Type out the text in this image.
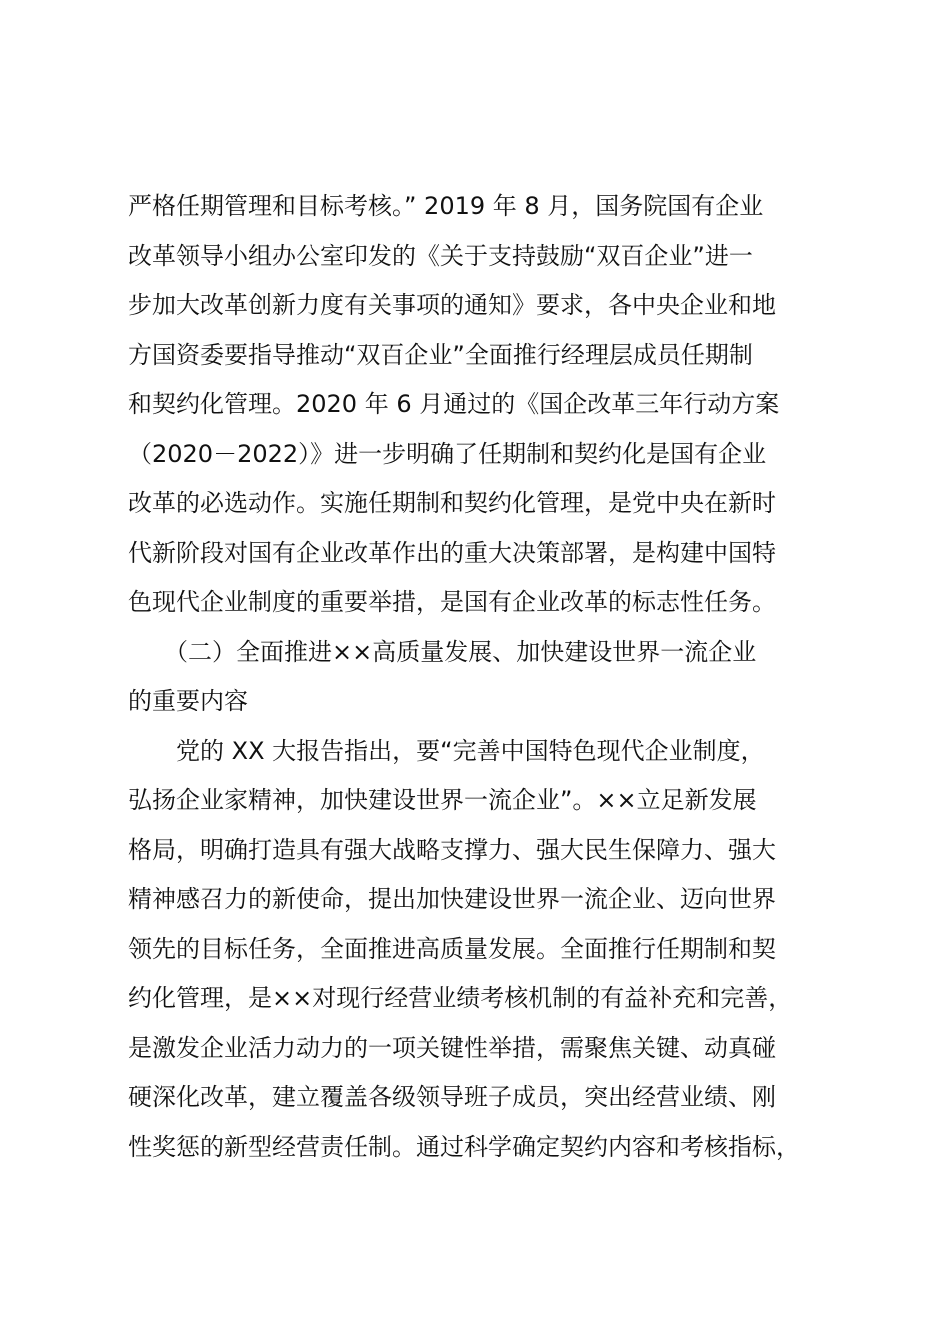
严格任期管理和目标考核。” 2019 年 8 月，国务院国有企业
改革领导小组办公室印发的《关于支持鼓励“双百企业”进一
步加大改革创新力度有关事项的通知》要求，各中央企业和地
方国资委要指导推动“双百企业”全面推行经理层成员任期制
和契约化管理。2020 年 6 月通过的《国企改革三年行动方案
（2020－2022）》进一步明确了任期制和契约化是国有企业
改革的必选动作。实施任期制和契约化管理，是党中央在新时
代新阶段对国有企业改革作出的重大决策部署，是构建中国特
色现代企业制度的重要举措，是国有企业改革的标志性任务。
　　（二）全面推进××高质量发展、加快建设世界一流企业
的重要内容
　　党的 XX 大报告指出，要“完善中国特色现代企业制度，
弘扬企业家精神，加快建设世界一流企业”。××立足新发展
格局，明确打造具有强大战略支撑力、强大民生保障力、强大
精神感召力的新使命，提出加快建设世界一流企业、迈向世界
领先的目标任务，全面推进高质量发展。全面推行任期制和契
约化管理，是××对现行经营业绩考核机制的有益补充和完善，
是激发企业活力动力的一项关键性举措，需聚焦关键、动真碰
硬深化改革，建立覆盖各级领导班子成员，突出经营业绩、刚
性奖惩的新型经营责任制。通过科学确定契约内容和考核指标，
